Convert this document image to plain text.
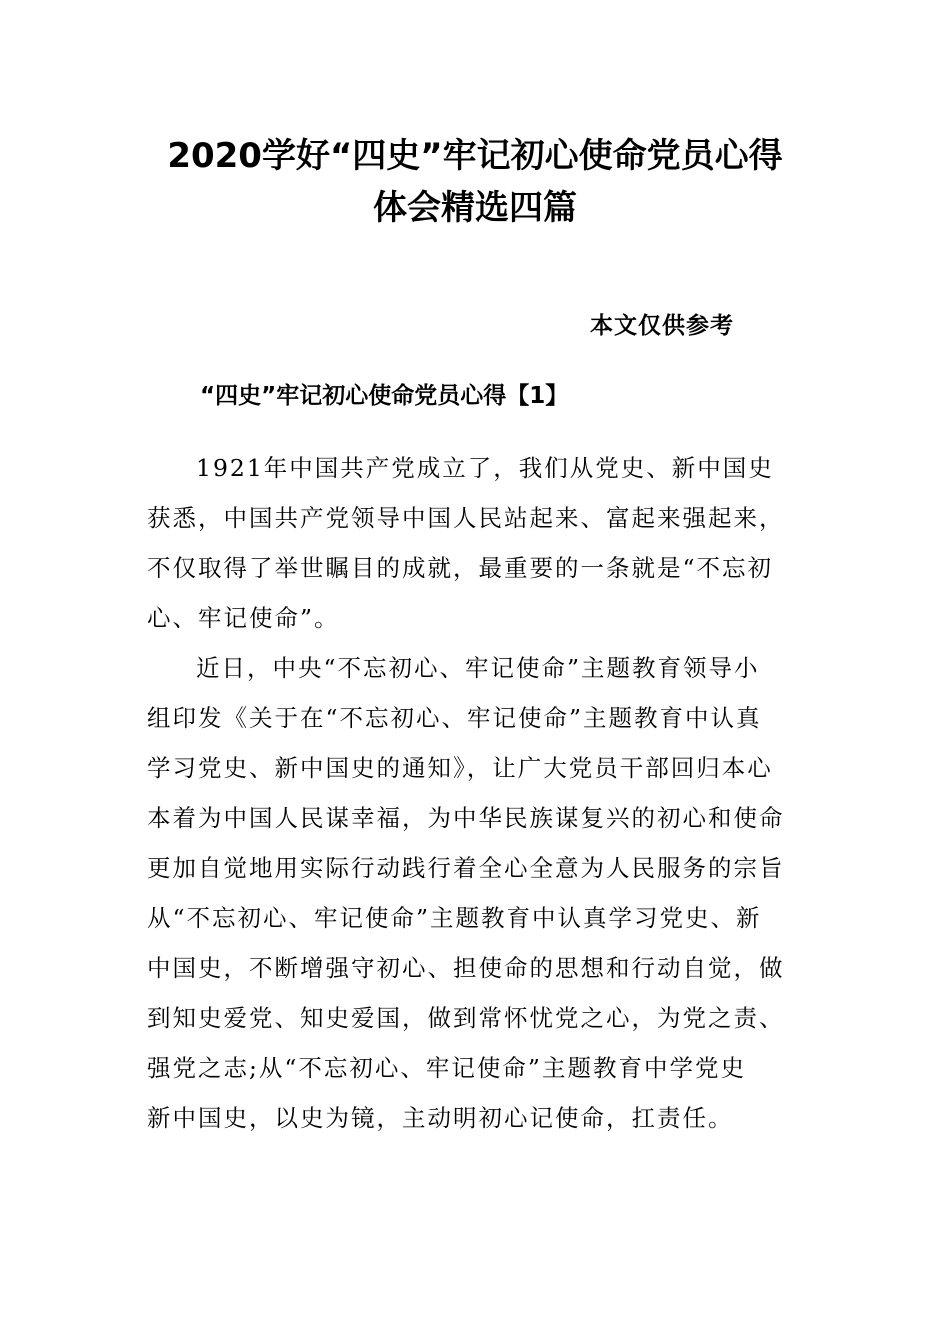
2020学好“四史”牢记初心使命党员心得
体会精选四篇
本文仅供参考
“四史”牢记初心使命党员心得【1】
1921年中国共产党成立了，我们从党史、新中国史
获悉，中国共产党领导中国人民站起来、富起来强起来，
不仅取得了举世瞩目的成就，最重要的一条就是“不忘初
心、牢记使命”。
近日，中央“不忘初心、牢记使命”主题教育领导小
组印发《关于在“不忘初心、牢记使命”主题教育中认真
学习党史、新中国史的通知》，让广大党员干部回归本心
本着为中国人民谋幸福，为中华民族谋复兴的初心和使命
更加自觉地用实际行动践行着全心全意为人民服务的宗旨
从“不忘初心、牢记使命”主题教育中认真学习党史、新
中国史，不断增强守初心、担使命的思想和行动自觉，做
到知史爱党、知史爱国，做到常怀忧党之心，为党之责、
强党之志;从“不忘初心、牢记使命”主题教育中学党史
新中国史，以史为镜，主动明初心记使命，扛责任。
